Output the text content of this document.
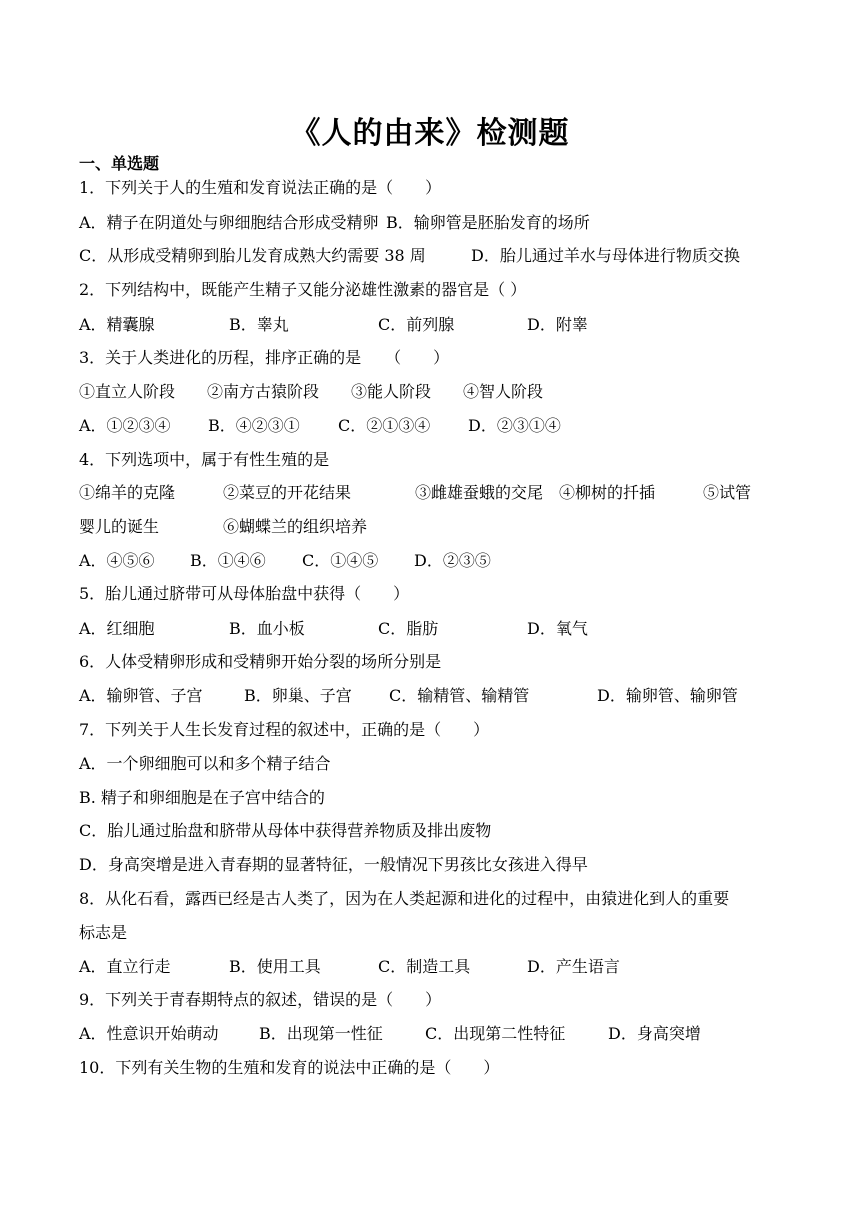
《人的由来》检测题
一、单选题
1．下列关于人的生殖和发育说法正确的是（　　）
A．精子在阴道处与卵细胞结合形成受精卵 B．输卵管是胚胎发育的场所
C．从形成受精卵到胎儿发育成熟大约需要 38 周	D．胎儿通过羊水与母体进行物质交换
2．下列结构中，既能产生精子又能分泌雄性激素的器官是（ ）
A．精囊腺	B．睾丸	C．前列腺	D．附睾
3．关于人类进化的历程，排序正确的是　　（　　）
①直立人阶段　　②南方古猿阶段　　③能人阶段　　④智人阶段
A．①②③④ B．④②③① C．②①③④ D．②③①④
4．下列选项中，属于有性生殖的是
①绵羊的克隆　　　②菜豆的开花结果　　　　③雌雄蚕蛾的交尾　④柳树的扦插　　　⑤试管
婴儿的诞生　　　　⑥蝴蝶兰的组织培养
A．④⑤⑥ B．①④⑥ C．①④⑤ D．②③⑤
5．胎儿通过脐带可从母体胎盘中获得（　　）
A．红细胞	B．血小板	C．脂肪	D．氧气
6．人体受精卵形成和受精卵开始分裂的场所分别是
A．输卵管、子宫	B．卵巢、子宫 C．输精管、输精管	D．输卵管、输卵管
7．下列关于人生长发育过程的叙述中，正确的是（　　）
A．一个卵细胞可以和多个精子结合
B. 精子和卵细胞是在子宫中结合的
C．胎儿通过胎盘和脐带从母体中获得营养物质及排出废物
D．身高突增是进入青春期的显著特征，一般情况下男孩比女孩进入得早
8．从化石看，露西已经是古人类了，因为在人类起源和进化的过程中，由猿进化到人的重要
标志是
A．直立行走	B．使用工具	C．制造工具	D．产生语言
9．下列关于青春期特点的叙述，错误的是（　　）
A．性意识开始萌动	B．出现第一性征	C．出现第二性特征	D．身高突增
10．下列有关生物的生殖和发育的说法中正确的是（　　）
